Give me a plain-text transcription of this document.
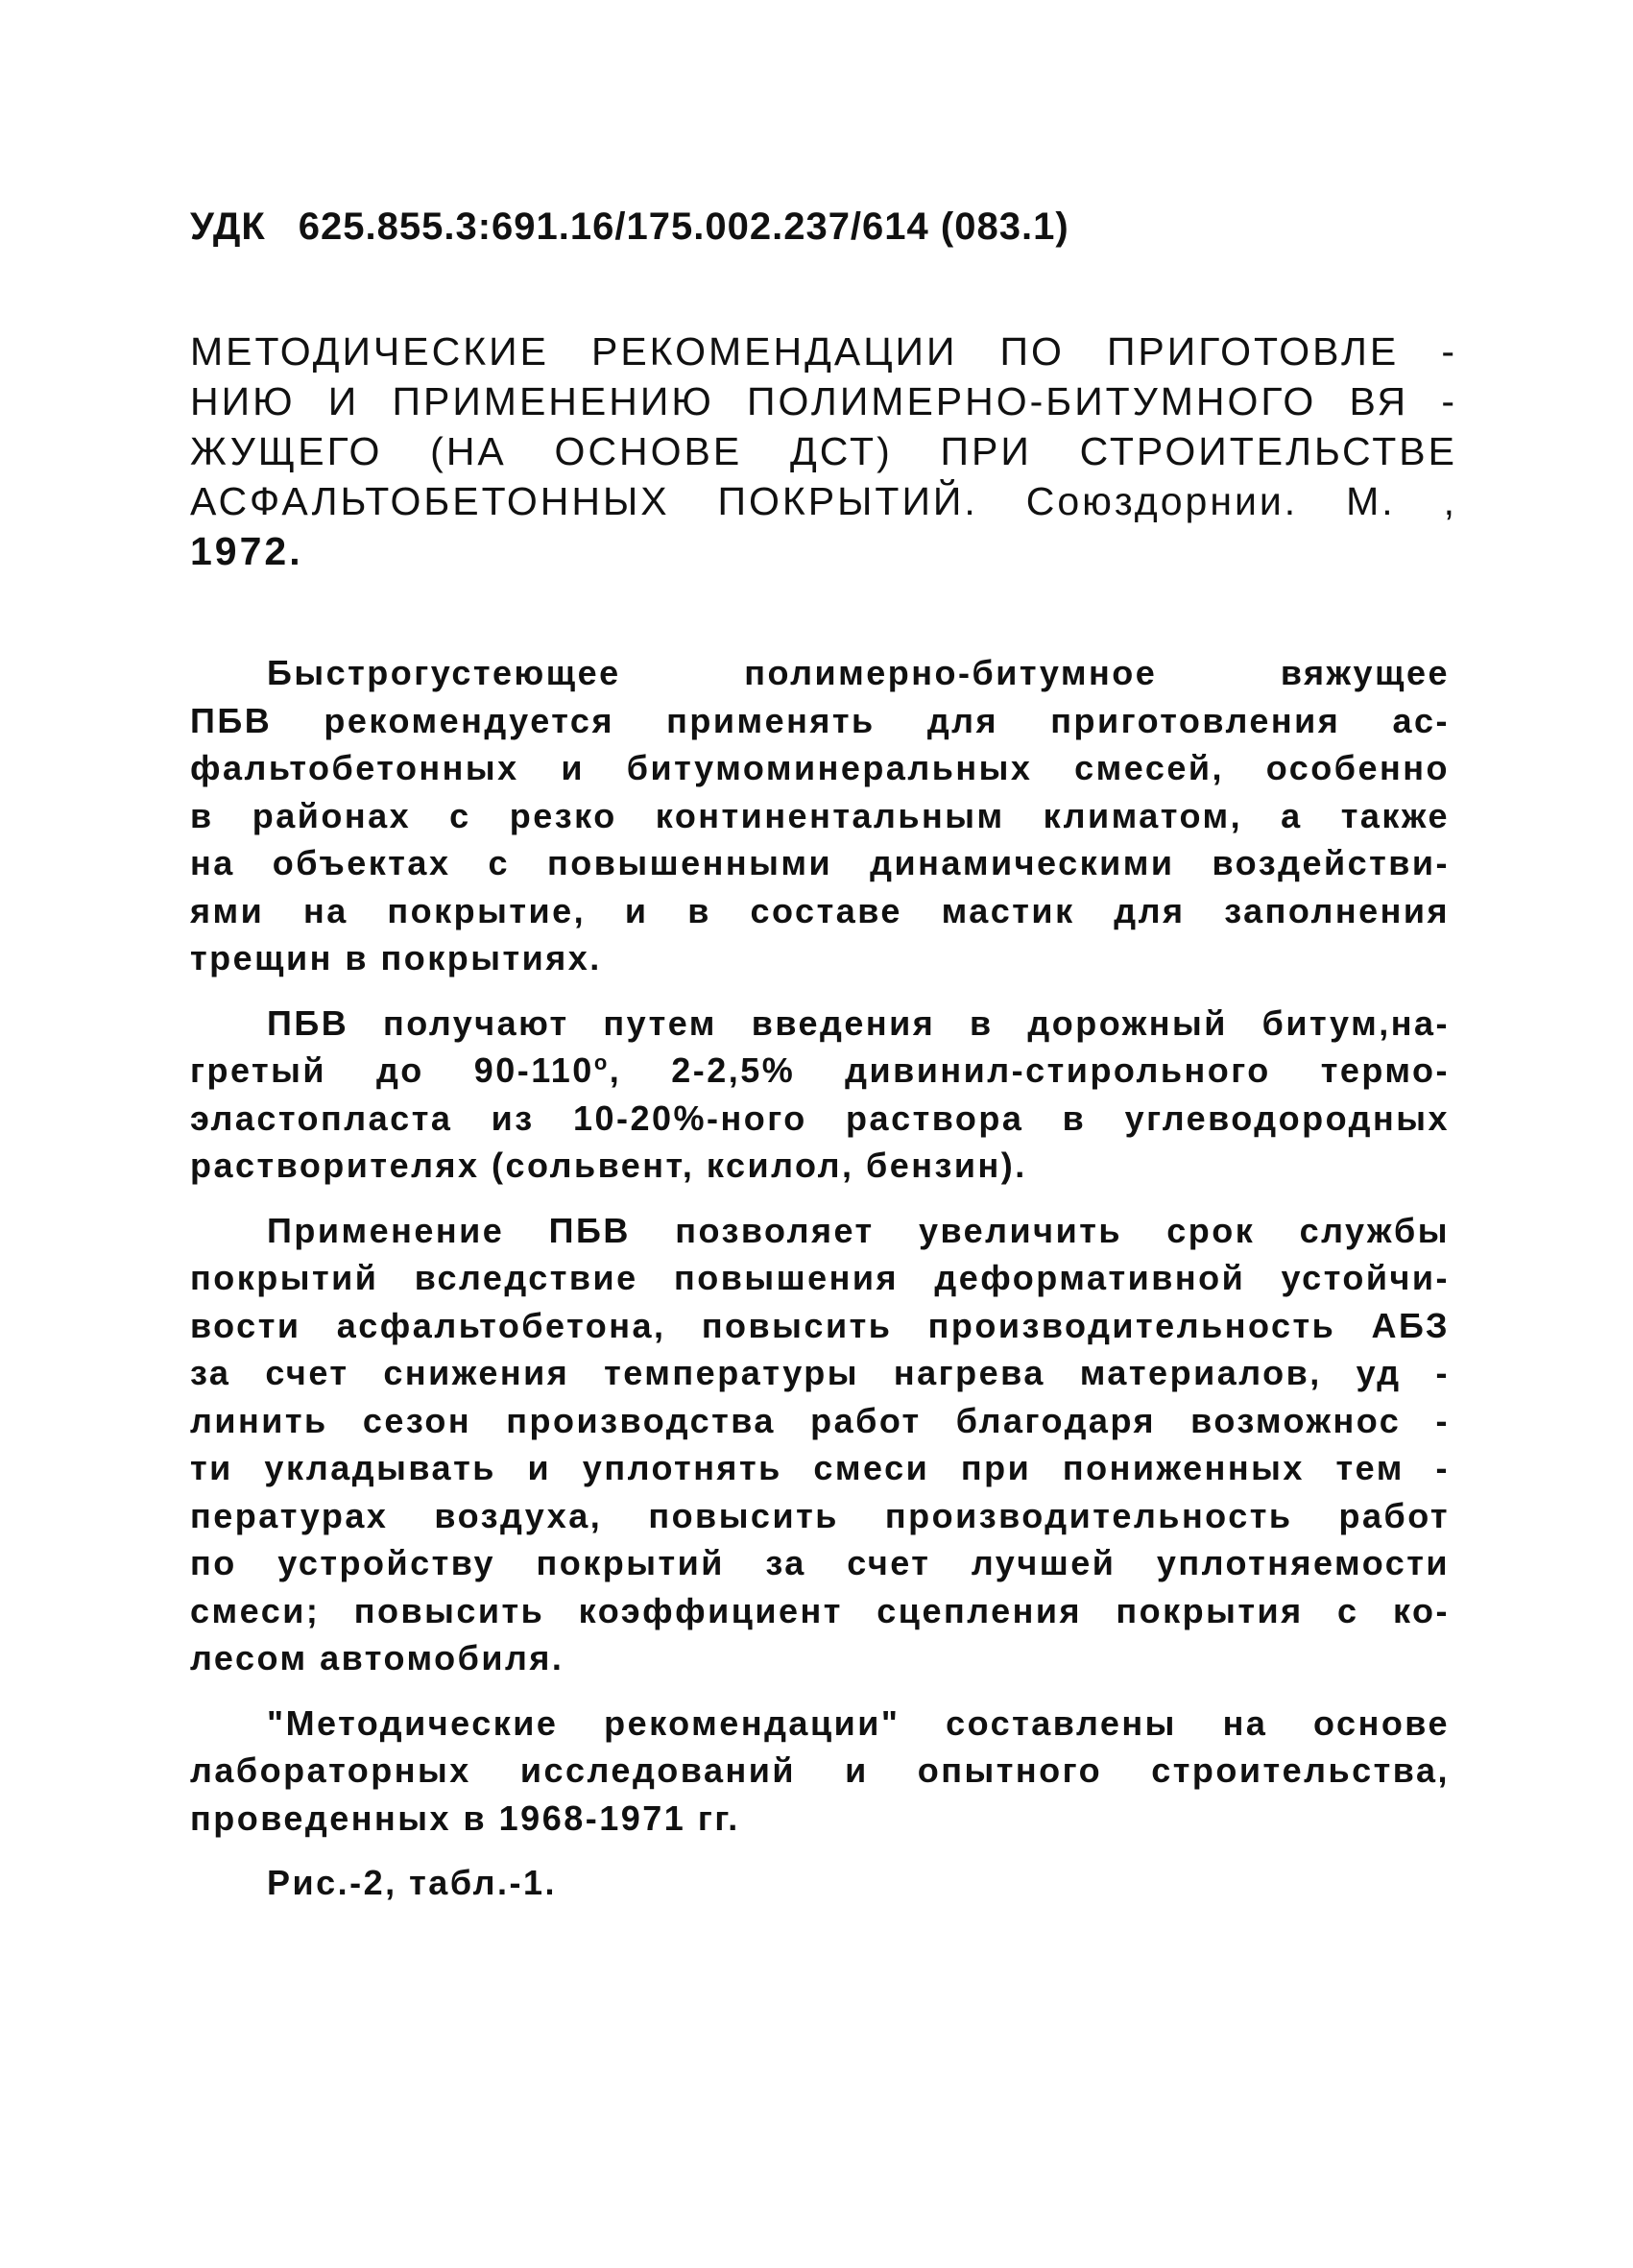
УДК 625.855.3:691.16/175.002.237/614 (083.1)
МЕТОДИЧЕСКИЕ РЕКОМЕНДАЦИИ ПО ПРИГОТОВЛЕ -
НИЮ И ПРИМЕНЕНИЮ ПОЛИМЕРНО-БИТУМНОГО ВЯ -
ЖУЩЕГО (НА ОСНОВЕ ДСТ) ПРИ СТРОИТЕЛЬСТВЕ
АСФАЛЬТОБЕТОННЫХ ПОКРЫТИЙ. Союздорнии. М. ,
1972.
Быстрогустеющее полимерно-битумное вяжущее
ПБВ рекомендуется применять для приготовления ас-
фальтобетонных и битумоминеральных смесей, особенно
в районах с резко континентальным климатом, а также
на объектах с повышенными динамическими воздействи-
ями на покрытие, и в составе мастик для заполнения
трещин в покрытиях.
ПБВ получают путем введения в дорожный битум,на-
гретый до $90-110^о$, 2-2,5% дивинил-стирольного термо-
эластопласта из 10-20%-ного раствора в углеводородных
растворителях (сольвент, ксилол, бензин).
Применение ПБВ позволяет увеличить срок службы
покрытий вследствие повышения деформативной устойчи-
вости асфальтобетона, повысить производительность АБЗ
за счет снижения температуры нагрева материалов, уд -
линить сезон производства работ благодаря возможнос -
ти укладывать и уплотнять смеси при пониженных тем -
пературах воздуха, повысить производительность работ
по устройству покрытий за счет лучшей уплотняемости
смеси; повысить коэффициент сцепления покрытия с ко-
лесом автомобиля.
"Методические рекомендации" составлены на основе
лабораторных исследований и опытного строительства,
проведенных в 1968-1971 гг.
Рис.-2, табл.-1.
